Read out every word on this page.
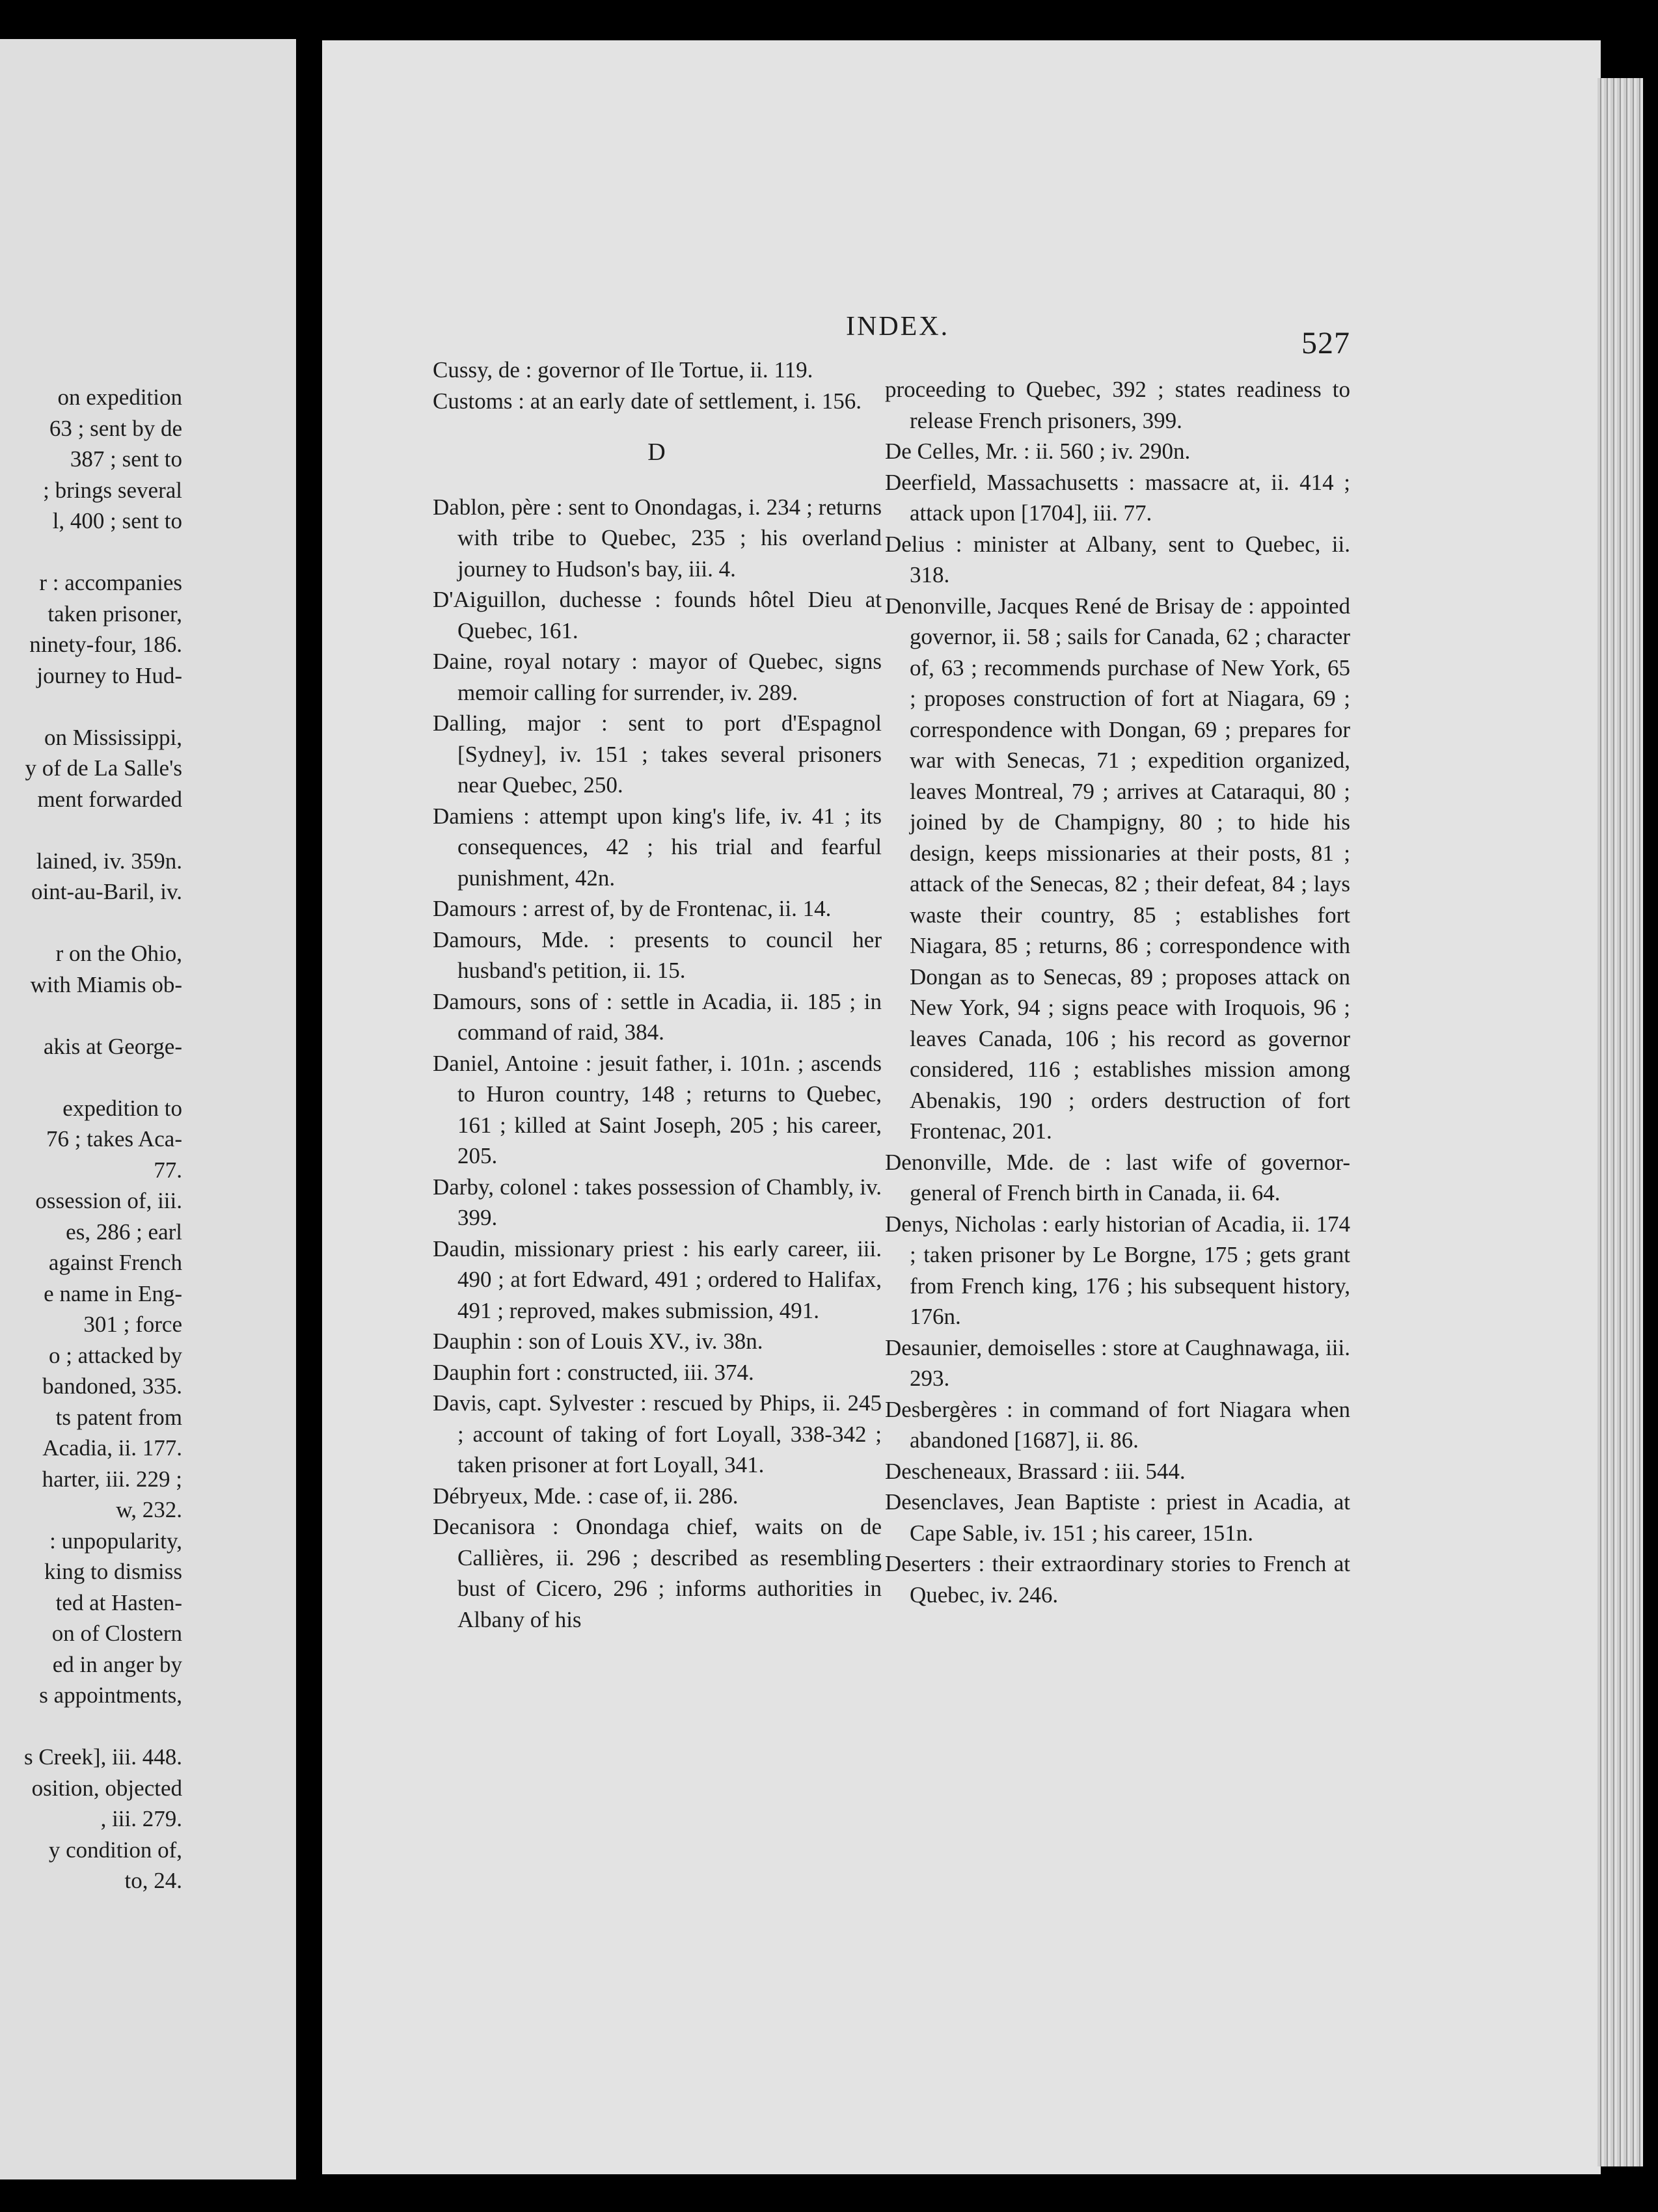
on expedition

63 ; sent by de

387 ; sent to

; brings several

l, 400 ; sent to

r : accompanies

taken prisoner,

ninety-four, 186.

journey to Hud-

on Mississippi,

y of de La Salle's

ment forwarded

lained, iv. 359n.

oint-au-Baril, iv.

r on the Ohio,

with Miamis ob-

akis at George-

expedition to

76 ; takes Aca-

77.

ossession of, iii.

es, 286 ; earl

against French

e name in Eng-

301 ; force

o ; attacked by

bandoned, 335.

ts patent from

Acadia, ii. 177.

harter, iii. 229 ;

w, 232.

: unpopularity,

king to dismiss

ted at Hasten-

on of Clostern

ed in anger by

s appointments,

s Creek], iii. 448.

osition, objected

, iii. 279.

y condition of,

to, 24.

INDEX.	527

Cussy, de : governor of Ile Tortue, ii. 119.

Customs : at an early date of settlement, i. 156.

D

Dablon, père : sent to Onondagas, i. 234 ; returns with tribe to Quebec, 235 ; his overland journey to Hudson's bay, iii. 4.

D'Aiguillon, duchesse : founds hôtel Dieu at Quebec, 161.

Daine, royal notary : mayor of Quebec, signs memoir calling for surrender, iv. 289.

Dalling, major : sent to port d'Espagnol [Sydney], iv. 151 ; takes several prisoners near Quebec, 250.

Damiens : attempt upon king's life, iv. 41 ; its consequences, 42 ; his trial and fearful punishment, 42n.

Damours : arrest of, by de Frontenac, ii. 14.

Damours, Mde. : presents to council her husband's petition, ii. 15.

Damours, sons of : settle in Acadia, ii. 185 ; in command of raid, 384.

Daniel, Antoine : jesuit father, i. 101n. ; ascends to Huron country, 148 ; returns to Quebec, 161 ; killed at Saint Joseph, 205 ; his career, 205.

Darby, colonel : takes possession of Chambly, iv. 399.

Daudin, missionary priest : his early career, iii. 490 ; at fort Edward, 491 ; ordered to Halifax, 491 ; reproved, makes submission, 491.

Dauphin : son of Louis XV., iv. 38n.

Dauphin fort : constructed, iii. 374.

Davis, capt. Sylvester : rescued by Phips, ii. 245 ; account of taking of fort Loyall, 338-342 ; taken prisoner at fort Loyall, 341.

Débryeux, Mde. : case of, ii. 286.

Decanisora : Onondaga chief, waits on de Callières, ii. 296 ; described as resembling bust of Cicero, 296 ; informs authorities in Albany of his

proceeding to Quebec, 392 ; states readiness to release French prisoners, 399.

De Celles, Mr. : ii. 560 ; iv. 290n.

Deerfield, Massachusetts : massacre at, ii. 414 ; attack upon [1704], iii. 77.

Delius : minister at Albany, sent to Quebec, ii. 318.

Denonville, Jacques René de Brisay de : appointed governor, ii. 58 ; sails for Canada, 62 ; character of, 63 ; recommends purchase of New York, 65 ; proposes construction of fort at Niagara, 69 ; correspondence with Dongan, 69 ; prepares for war with Senecas, 71 ; expedition organized, leaves Montreal, 79 ; arrives at Cataraqui, 80 ; joined by de Champigny, 80 ; to hide his design, keeps missionaries at their posts, 81 ; attack of the Senecas, 82 ; their defeat, 84 ; lays waste their country, 85 ; establishes fort Niagara, 85 ; returns, 86 ; correspondence with Dongan as to Senecas, 89 ; proposes attack on New York, 94 ; signs peace with Iroquois, 96 ; leaves Canada, 106 ; his record as governor considered, 116 ; establishes mission among Abenakis, 190 ; orders destruction of fort Frontenac, 201.

Denonville, Mde. de : last wife of governor-general of French birth in Canada, ii. 64.

Denys, Nicholas : early historian of Acadia, ii. 174 ; taken prisoner by Le Borgne, 175 ; gets grant from French king, 176 ; his subsequent history, 176n.

Desaunier, demoiselles : store at Caughnawaga, iii. 293.

Desbergères : in command of fort Niagara when abandoned [1687], ii. 86.

Descheneaux, Brassard : iii. 544.

Desenclaves, Jean Baptiste : priest in Acadia, at Cape Sable, iv. 151 ; his career, 151n.

Deserters : their extraordinary stories to French at Quebec, iv. 246.
